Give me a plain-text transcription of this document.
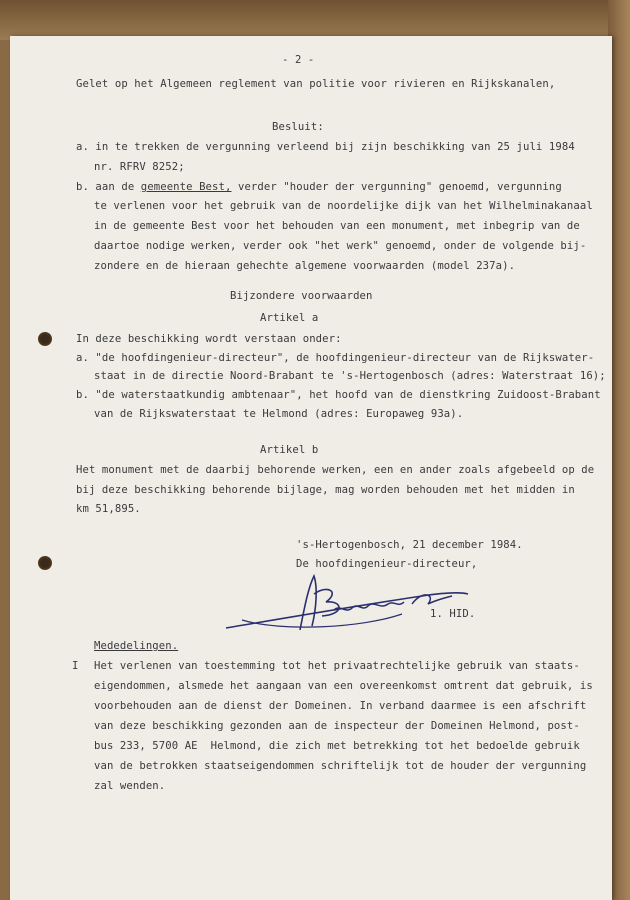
- 2 -
Gelet op het Algemeen reglement van politie voor rivieren en Rijkskanalen,
Besluit:
a. in te trekken de vergunning verleend bij zijn beschikking van 25 juli 1984
nr. RFRV 8252;
b. aan de gemeente Best, verder "houder der vergunning" genoemd, vergunning
te verlenen voor het gebruik van de noordelijke dijk van het Wilhelminakanaal
in de gemeente Best voor het behouden van een monument, met inbegrip van de
daartoe nodige werken, verder ook "het werk" genoemd, onder de volgende bij-
zondere en de hieraan gehechte algemene voorwaarden (model 237a).
Bijzondere voorwaarden
Artikel a
In deze beschikking wordt verstaan onder:
a. "de hoofdingenieur-directeur", de hoofdingenieur-directeur van de Rijkswater-
staat in de directie Noord-Brabant te 's-Hertogenbosch (adres: Waterstraat 16);
b. "de waterstaatkundig ambtenaar", het hoofd van de dienstkring Zuidoost-Brabant
van de Rijkswaterstaat te Helmond (adres: Europaweg 93a).
Artikel b
Het monument met de daarbij behorende werken, een en ander zoals afgebeeld op de
bij deze beschikking behorende bijlage, mag worden behouden met het midden in
km 51,895.
's-Hertogenbosch, 21 december 1984.
De hoofdingenieur-directeur,
1. HID.
Mededelingen.
I Het verlenen van toestemming tot het privaatrechtelijke gebruik van staats-
eigendommen, alsmede het aangaan van een overeenkomst omtrent dat gebruik, is
voorbehouden aan de dienst der Domeinen. In verband daarmee is een afschrift
van deze beschikking gezonden aan de inspecteur der Domeinen Helmond, post-
bus 233, 5700 AE  Helmond, die zich met betrekking tot het bedoelde gebruik
van de betrokken staatseigendommen schriftelijk tot de houder der vergunning
zal wenden.
